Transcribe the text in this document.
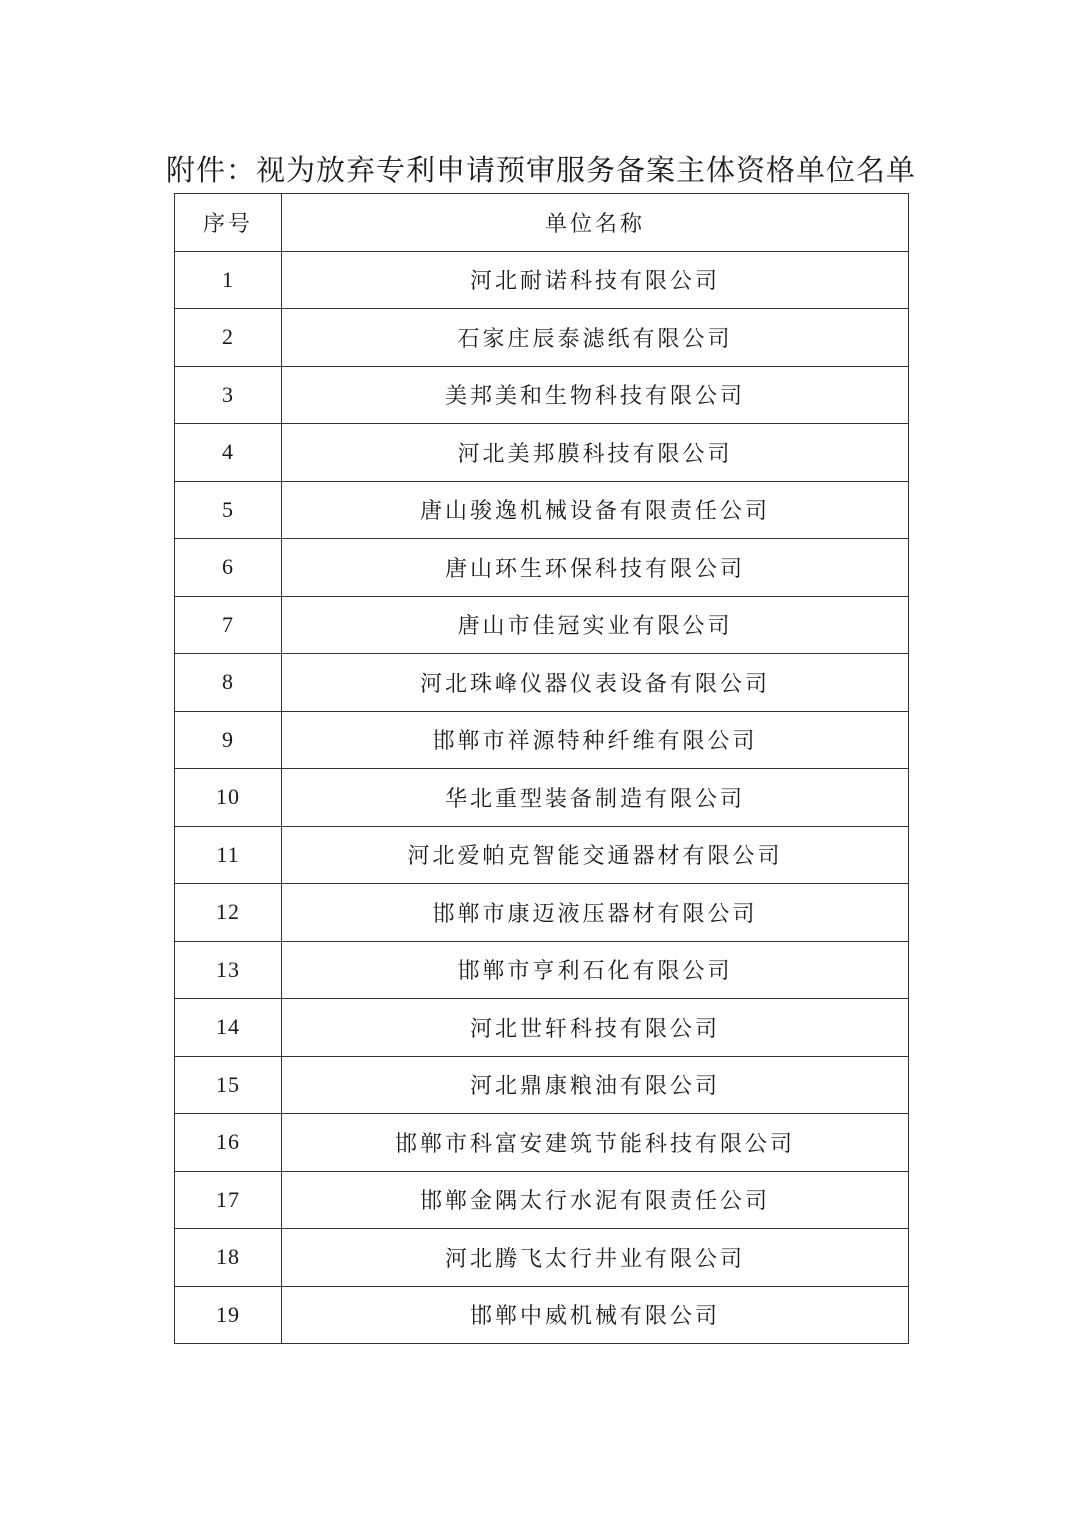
附件：视为放弃专利申请预审服务备案主体资格单位名单
序号	单位名称
1	河北耐诺科技有限公司
2	石家庄辰泰滤纸有限公司
3	美邦美和生物科技有限公司
4	河北美邦膜科技有限公司
5	唐山骏逸机械设备有限责任公司
6	唐山环生环保科技有限公司
7	唐山市佳冠实业有限公司
8	河北珠峰仪器仪表设备有限公司
9	邯郸市祥源特种纤维有限公司
10	华北重型装备制造有限公司
11	河北爱帕克智能交通器材有限公司
12	邯郸市康迈液压器材有限公司
13	邯郸市亨利石化有限公司
14	河北世轩科技有限公司
15	河北鼎康粮油有限公司
16	邯郸市科富安建筑节能科技有限公司
17	邯郸金隅太行水泥有限责任公司
18	河北腾飞太行井业有限公司
19	邯郸中威机械有限公司
